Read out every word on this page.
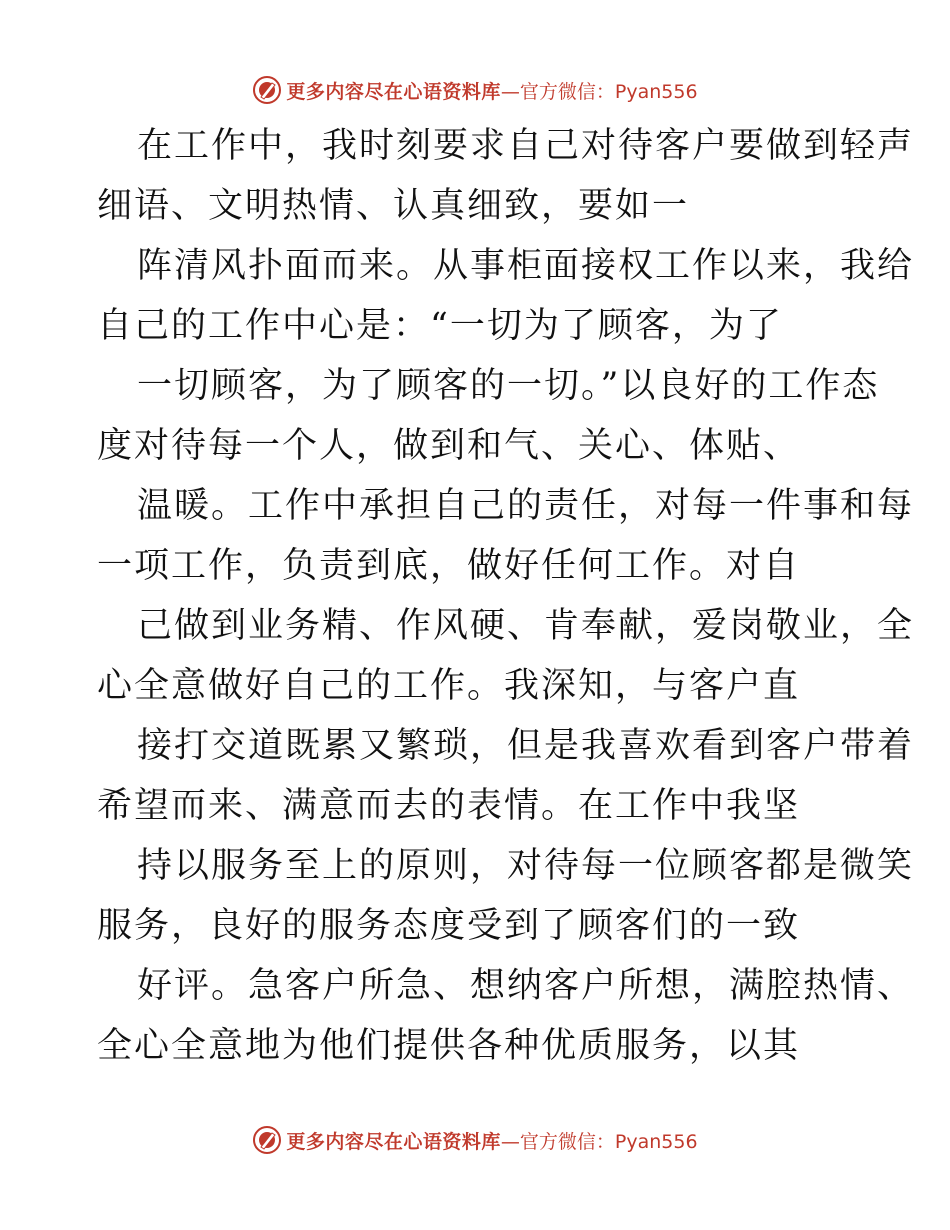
更多内容尽在心语资料库 —官方微信：Pyan556
在工作中，我时刻要求自己对待客户要做到轻声
细语、文明热情、认真细致，要如一
阵清风扑面而来。从事柜面接权工作以来，我给
自己的工作中心是：“一切为了顾客，为了
一切顾客，为了顾客的一切。”以良好的工作态
度对待每一个人，做到和气、关心、体贴、
温暖。工作中承担自己的责任，对每一件事和每
一项工作，负责到底，做好任何工作。对自
己做到业务精、作风硬、肯奉献，爱岗敬业，全
心全意做好自己的工作。我深知，与客户直
接打交道既累又繁琐，但是我喜欢看到客户带着
希望而来、满意而去的表情。在工作中我坚
持以服务至上的原则，对待每一位顾客都是微笑
服务，良好的服务态度受到了顾客们的一致
好评。急客户所急、想纳客户所想，满腔热情、
全心全意地为他们提供各种优质服务，以其
更多内容尽在心语资料库 —官方微信：Pyan556
